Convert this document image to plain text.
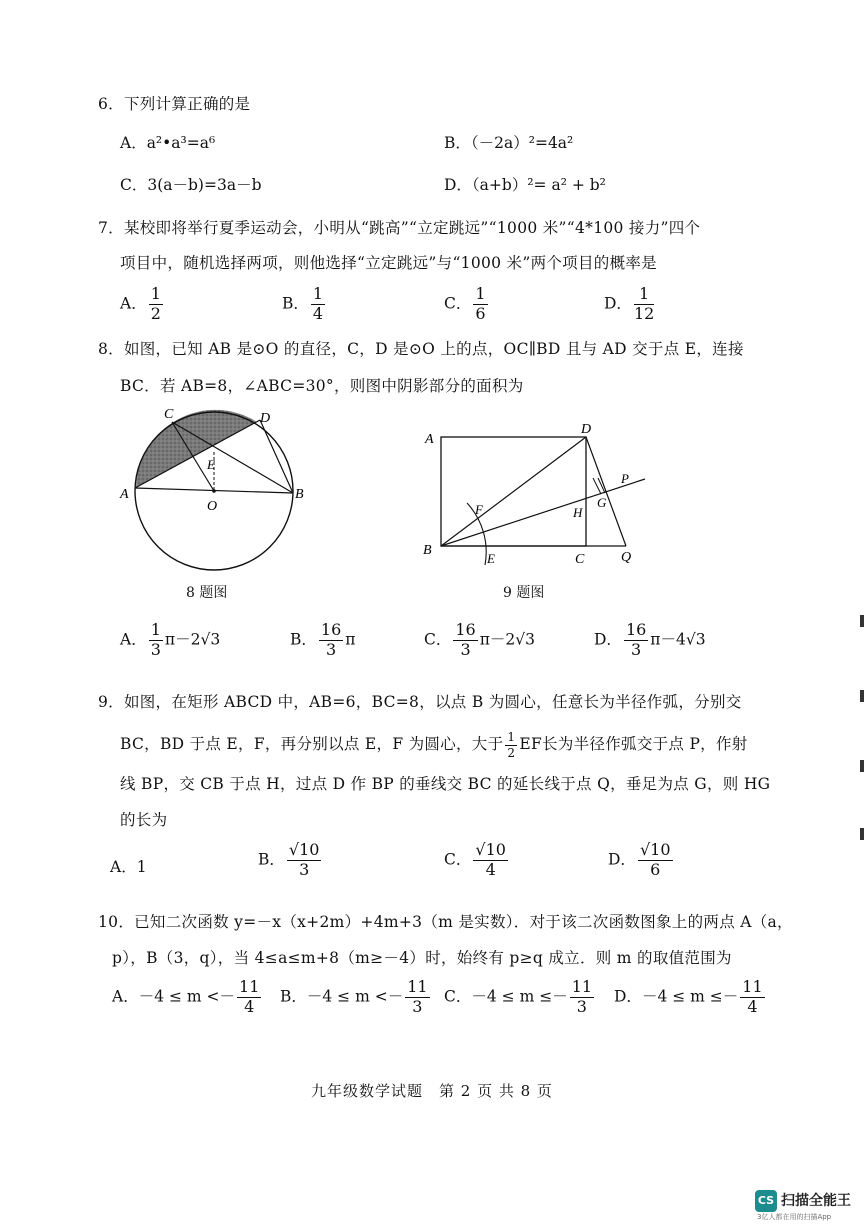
6．下列计算正确的是
A．a²•a³=a⁶	B．（－2a）²=4a²
C．3(a－b)=3a－b	D．（a+b）²= a² + b²
7．某校即将举行夏季运动会，小明从“跳高”“立定跳远”“1000 米”“4*100 接力”四个
项目中，随机选择两项，则他选择“立定跳远”与“1000 米”两个项目的概率是
A． $\frac{1}{2}$	B． $\frac{1}{4}$	C． $\frac{1}{6}$	D． $\frac{1}{12}$
8．如图，已知 AB 是⊙O 的直径，C，D 是⊙O 上的点，OC∥BD 且与 AD 交于点 E，连接
BC．若 AB=8，∠ABC=30°，则图中阴影部分的面积为
C	D
E
A	B
O
8 题图
A
D
B
C	Q
F
E
H
G
P
9 题图
A． $\frac{1}{3} \pi-2√3$	B． $\frac{16}{3}$ π	C． $\frac{16}{3} \pi-2√3$	D． $\frac{16}{3} \pi-4√3$
9．如图，在矩形 ABCD 中，AB=6，BC=8，以点 B 为圆心，任意长为半径作弧，分别交
BC，BD 于点 E，F，再分别以点 E，F 为圆心，大于 $\frac{1}{2}$ EF长为半径作弧交于点 P，作射
线 BP，交 CB 于点 H，过点 D 作 BP 的垂线交 BC 的延长线于点 Q，垂足为点 G，则 HG
的长为
A．1	B． $\frac{√10}{3}$	C． $\frac{√10}{4}$	D． $\frac{√10}{6}$
10．已知二次函数 y=－x（x+2m）+4m+3（m 是实数）．对于该二次函数图象上的两点 A（a，
p），B（3，q），当 4≤a≤m+8（m≥－4）时，始终有 p≥q 成立．则 m 的取值范围为
A．$-4 \le m <- \frac{11}{4}$ B．$-4 \le m <- \frac{11}{3}$ C．$-4 \le m \le- \frac{11}{3}$ D．$-4 \le m \le- \frac{11}{4}$
九年级数学试题　第 2 页 共 8 页
CS 扫描全能王
3亿人都在用的扫描App
